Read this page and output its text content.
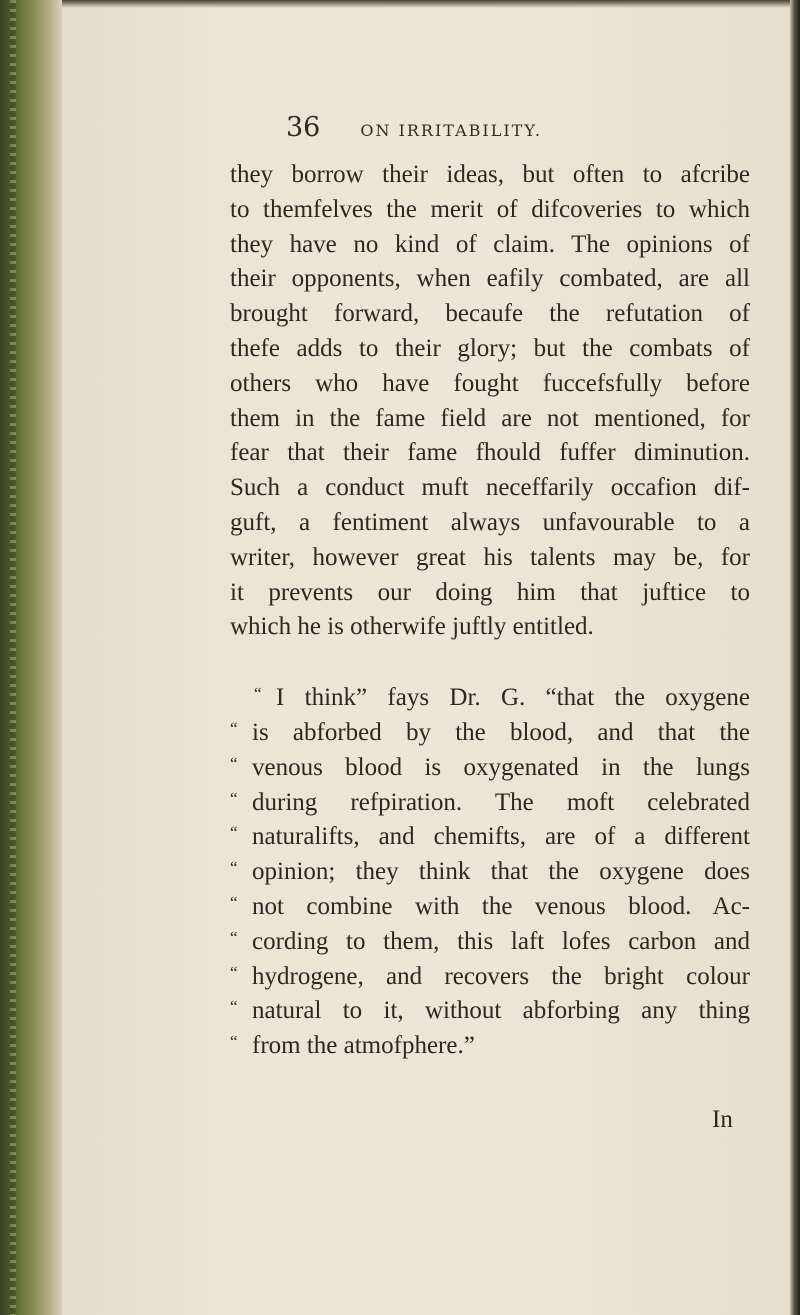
36	ON IRRITABILITY.
they borrow their ideas, but often to afcribe
to themfelves the merit of difcoveries to which
they have no kind of claim. The opinions of
their opponents, when eafily combated, are all
brought forward, becaufe the refutation of
thefe adds to their glory; but the combats of
others who have fought fuccefsfully before
them in the fame field are not mentioned, for
fear that their fame fhould fuffer diminution.
Such a conduct muft neceffarily occafion dif-
guft, a fentiment always unfavourable to a
writer, however great his talents may be, for
it prevents our doing him that juftice to
which he is otherwife juftly entitled.
“ I think” fays Dr. G. “that the oxygene
“ is abforbed by the blood, and that the
“ venous blood is oxygenated in the lungs
“ during refpiration. The moft celebrated
“ naturalifts, and chemifts, are of a different
“ opinion; they think that the oxygene does
“ not combine with the venous blood. Ac-
“ cording to them, this laft lofes carbon and
“ hydrogene, and recovers the bright colour
“ natural to it, without abforbing any thing
“ from the atmofphere.”
In
